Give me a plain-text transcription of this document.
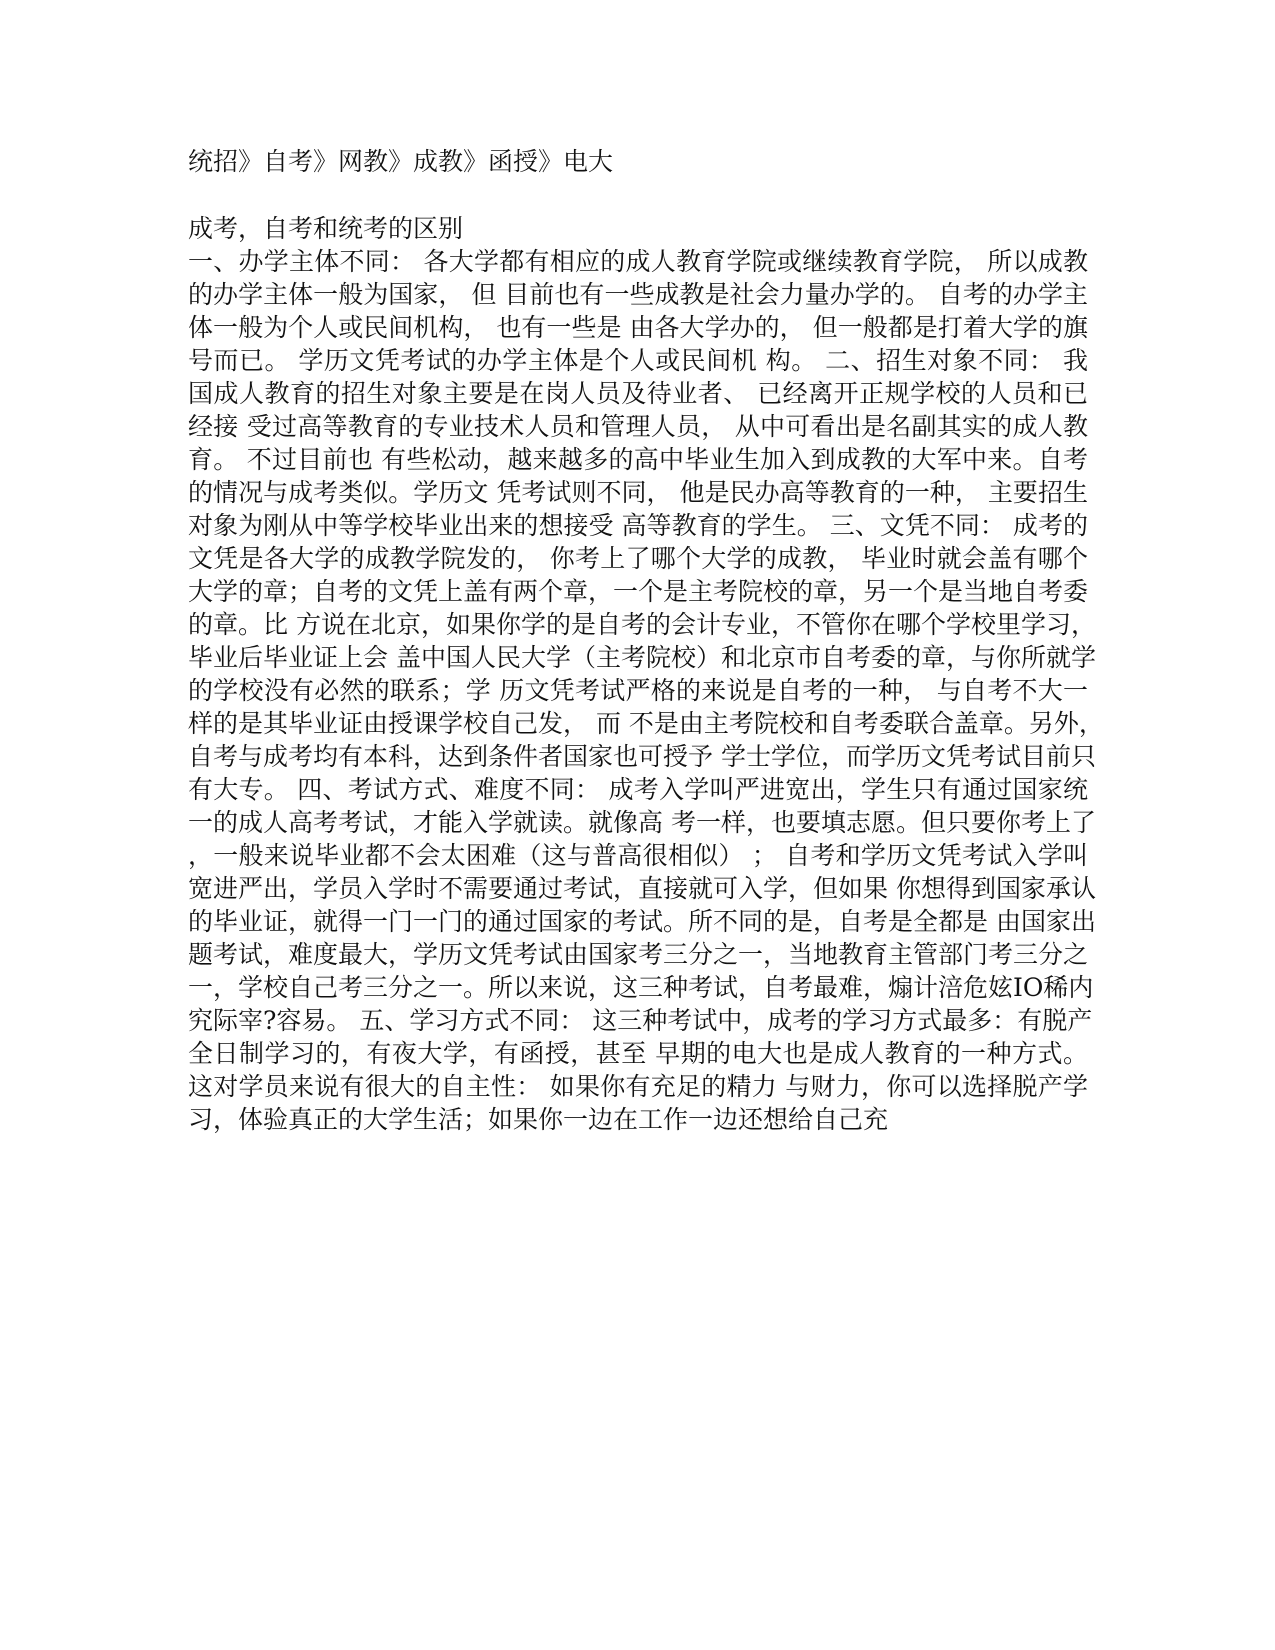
统招》自考》网教》成教》函授》电大
成考，自考和统考的区别
一、办学主体不同： 各大学都有相应的成人教育学院或继续教育学院， 所以成教
的办学主体一般为国家， 但 目前也有一些成教是社会力量办学的。 自考的办学主
体一般为个人或民间机构， 也有一些是 由各大学办的， 但一般都是打着大学的旗
号而已。 学历文凭考试的办学主体是个人或民间机 构。 二、招生对象不同： 我
国成人教育的招生对象主要是在岗人员及待业者、 已经离开正规学校的人员和已
经接 受过高等教育的专业技术人员和管理人员， 从中可看出是名副其实的成人教
育。 不过目前也 有些松动，越来越多的高中毕业生加入到成教的大军中来。自考
的情况与成考类似。学历文 凭考试则不同， 他是民办高等教育的一种， 主要招生
对象为刚从中等学校毕业出来的想接受 高等教育的学生。 三、文凭不同： 成考的
文凭是各大学的成教学院发的， 你考上了哪个大学的成教， 毕业时就会盖有哪个
大学的章；自考的文凭上盖有两个章，一个是主考院校的章，另一个是当地自考委
的章。比 方说在北京，如果你学的是自考的会计专业，不管你在哪个学校里学习，
毕业后毕业证上会 盖中国人民大学（主考院校）和北京市自考委的章，与你所就学
的学校没有必然的联系；学 历文凭考试严格的来说是自考的一种， 与自考不大一
样的是其毕业证由授课学校自己发， 而 不是由主考院校和自考委联合盖章。另外，
自考与成考均有本科，达到条件者国家也可授予 学士学位，而学历文凭考试目前只
有大专。 四、考试方式、难度不同： 成考入学叫严进宽出，学生只有通过国家统
一的成人高考考试，才能入学就读。就像高 考一样，也要填志愿。但只要你考上了
，一般来说毕业都不会太困难（这与普高很相似） ； 自考和学历文凭考试入学叫
宽进严出，学员入学时不需要通过考试，直接就可入学，但如果 你想得到国家承认
的毕业证，就得一门一门的通过国家的考试。所不同的是，自考是全都是 由国家出
题考试，难度最大，学历文凭考试由国家考三分之一，当地教育主管部门考三分之
一，学校自己考三分之一。所以来说，这三种考试，自考最难，煽计涪危妶IO稀内
究际宰?容易。 五、学习方式不同： 这三种考试中，成考的学习方式最多：有脱产
全日制学习的，有夜大学，有函授，甚至 早期的电大也是成人教育的一种方式。
这对学员来说有很大的自主性： 如果你有充足的精力 与财力，你可以选择脱产学
习，体验真正的大学生活；如果你一边在工作一边还想给自己充
